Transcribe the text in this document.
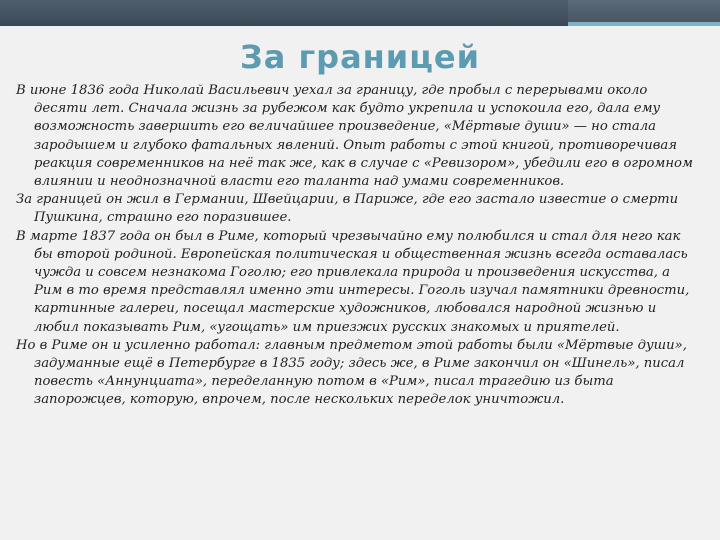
За границей

В июне 1836 года Николай Васильевич уехал за границу, где пробыл с перерывами около десяти лет. Сначала жизнь за рубежом как будто укрепила и успокоила его, дала ему возможность завершить его величайшее произведение, «Мёртвые души» — но стала зародышем и глубоко фатальных явлений. Опыт работы с этой книгой, противоречивая реакция современников на неё так же, как в случае с «Ревизором», убедили его в огромном влиянии и неоднозначной власти его таланта над умами современников.

За границей он жил в Германии, Швейцарии, в Париже, где его застало известие о смерти Пушкина, страшно его поразившее.

В марте 1837 года он был в Риме, который чрезвычайно ему полюбился и стал для него как бы второй родиной. Европейская политическая и общественная жизнь всегда оставалась чужда и совсем незнакома Гоголю; его привлекала природа и произведения искусства, а Рим в то время представлял именно эти интересы. Гоголь изучал памятники древности, картинные галереи, посещал мастерские художников, любовался народной жизнью и любил показывать Рим, «угощать» им приезжих русских знакомых и приятелей.

Но в Риме он и усиленно работал: главным предметом этой работы были «Мёртвые души», задуманные ещё в Петербурге в 1835 году; здесь же, в Риме закончил он «Шинель», писал повесть «Аннунциата», переделанную потом в «Рим», писал трагедию из быта запорожцев, которую, впрочем, после нескольких переделок уничтожил.
